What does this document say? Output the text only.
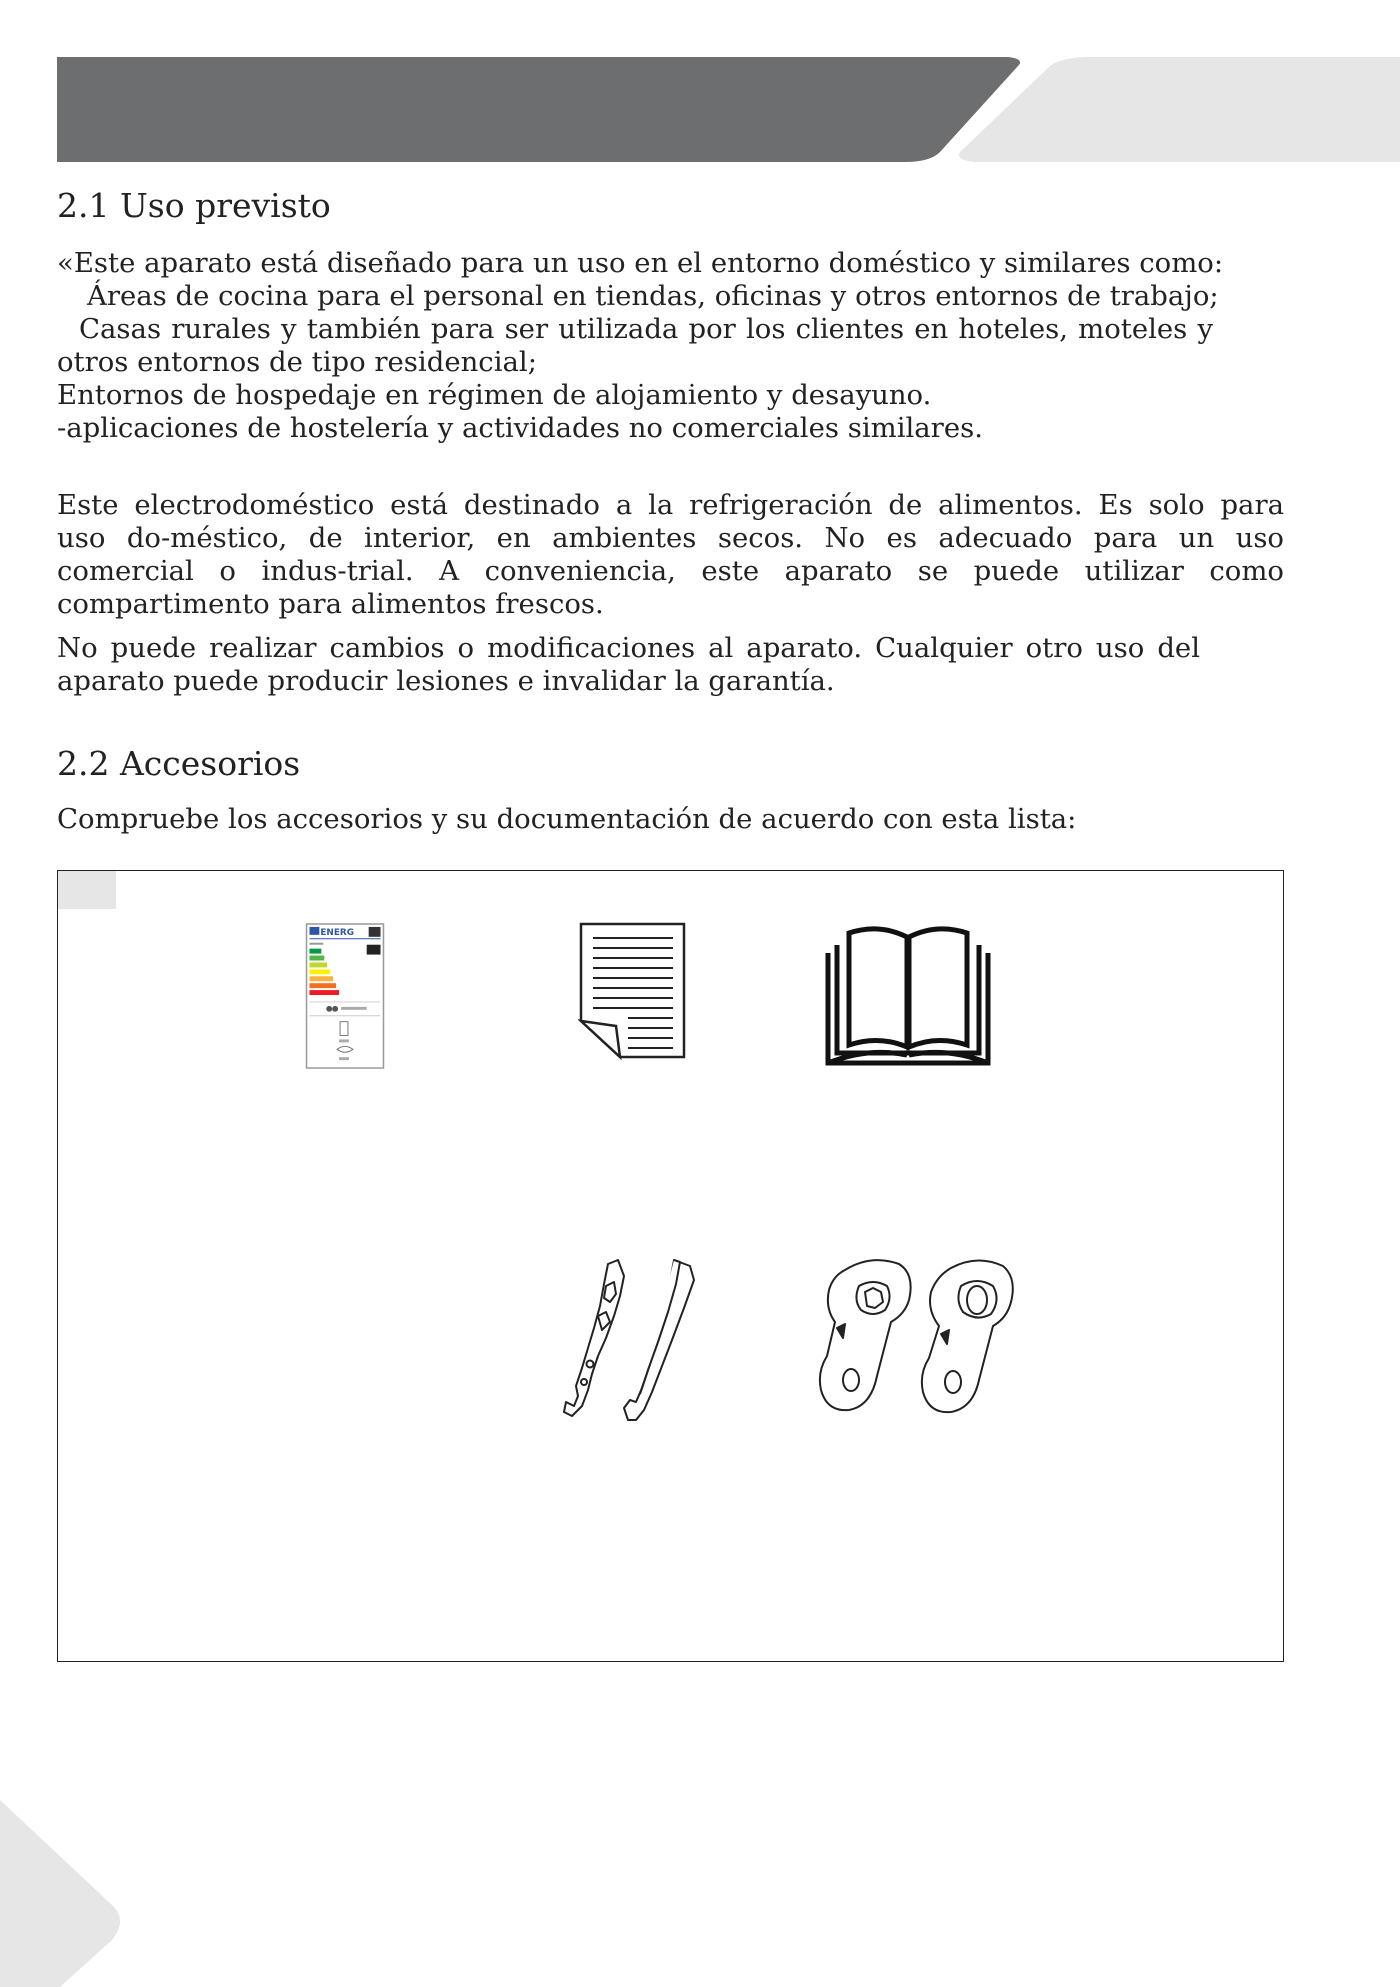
2.1 Uso previsto
«Este aparato está diseñado para un uso en el entorno doméstico y similares como:
Áreas de cocina para el personal en tiendas, oficinas y otros entornos de trabajo;
Casas rurales y también para ser utilizada por los clientes en hoteles, moteles y
otros entornos de tipo residencial;
Entornos de hospedaje en régimen de alojamiento y desayuno.
-aplicaciones de hostelería y actividades no comerciales similares.
Este electrodoméstico está destinado a la refrigeración de alimentos. Es solo para
uso do-méstico, de interior, en ambientes secos. No es adecuado para un uso
comercial o indus-trial. A conveniencia, este aparato se puede utilizar como
compartimento para alimentos frescos.
No puede realizar cambios o modificaciones al aparato. Cualquier otro uso del
aparato puede producir lesiones e invalidar la garantía.
2.2 Accesorios
Compruebe los accesorios y su documentación de acuerdo con esta lista:
ENERG
